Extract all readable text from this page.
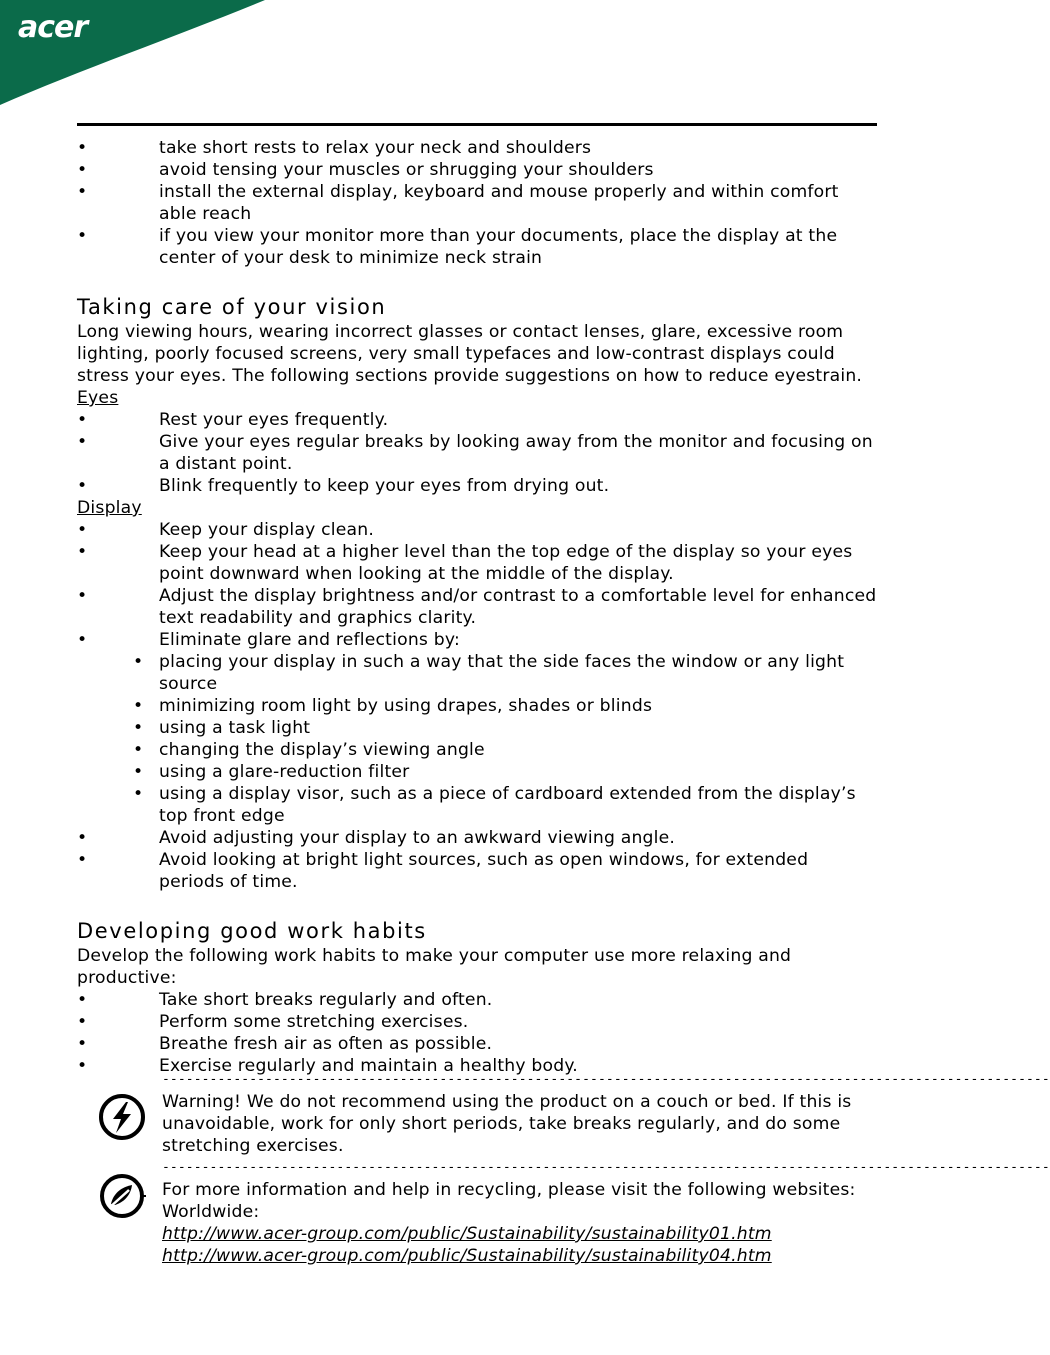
acer
•	take short rests to relax your neck and shoulders
•	avoid tensing your muscles or shrugging your shoulders
•	install the external display, keyboard and mouse properly and within comfort able reach
•	if you view your monitor more than your documents, place the display at the center of your desk to minimize neck strain
Taking care of your vision

Long viewing hours, wearing incorrect glasses or contact lenses, glare, excessive room lighting, poorly focused screens, very small typefaces and low-contrast displays could stress your eyes. The following sections provide suggestions on how to reduce eyestrain.

Eyes
•	Rest your eyes frequently.
•	Give your eyes regular breaks by looking away from the monitor and focusing on a distant point.
•	Blink frequently to keep your eyes from drying out.
Display
•	Keep your display clean.
•	Keep your head at a higher level than the top edge of the display so your eyes point downward when looking at the middle of the display.
•	Adjust the display brightness and/or contrast to a comfortable level for enhanced text readability and graphics clarity.
•	Eliminate glare and reflections by:
• placing your display in such a way that the side faces the window or any light source
• minimizing room light by using drapes, shades or blinds
• using a task light
• changing the display’s viewing angle
• using a glare-reduction filter
• using a display visor, such as a piece of cardboard extended from the display’s top front edge
•	Avoid adjusting your display to an awkward viewing angle.
•	Avoid looking at bright light sources, such as open windows, for extended periods of time.
Developing good work habits

Develop the following work habits to make your computer use more relaxing and productive:

•	Take short breaks regularly and often.
•	Perform some stretching exercises.
•	Breathe fresh air as often as possible.
•	Exercise regularly and maintain a healthy body.
----------------------------------------------------------------------------------------------------------------
Warning! We do not recommend using the product on a couch or bed. If this is unavoidable, work for only short periods, take breaks regularly, and do some stretching exercises.
----------------------------------------------------------------------------------------------------------------
For more information and help in recycling, please visit the following websites:
Worldwide:
http://www.acer-group.com/public/Sustainability/sustainability01.htm
http://www.acer-group.com/public/Sustainability/sustainability04.htm
